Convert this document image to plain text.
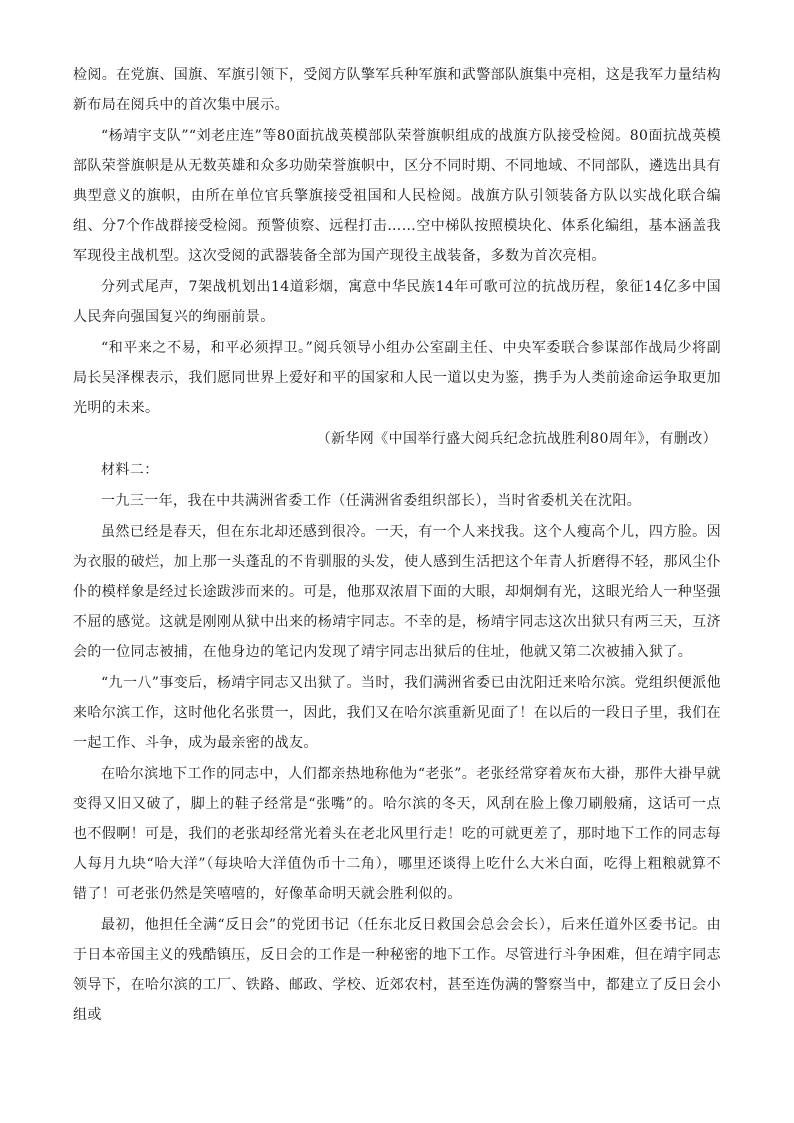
检阅。在党旗、国旗、军旗引领下，受阅方队擎军兵种军旗和武警部队旗集中亮相，这是我军力量结构新布局在阅兵中的首次集中展示。

“杨靖宇支队”“刘老庄连”等80面抗战英模部队荣誉旗帜组成的战旗方队接受检阅。80面抗战英模部队荣誉旗帜是从无数英雄和众多功勋荣誉旗帜中，区分不同时期、不同地域、不同部队，遴选出具有典型意义的旗帜，由所在单位官兵擎旗接受祖国和人民检阅。战旗方队引领装备方队以实战化联合编组、分7个作战群接受检阅。预警侦察、远程打击……空中梯队按照模块化、体系化编组，基本涵盖我军现役主战机型。这次受阅的武器装备全部为国产现役主战装备，多数为首次亮相。

分列式尾声，7架战机划出14道彩烟，寓意中华民族14年可歌可泣的抗战历程，象征14亿多中国人民奔向强国复兴的绚丽前景。

“和平来之不易，和平必须捍卫。”阅兵领导小组办公室副主任、中央军委联合参谋部作战局少将副局长吴泽棵表示，我们愿同世界上爱好和平的国家和人民一道以史为鉴，携手为人类前途命运争取更加光明的未来。

（新华网《中国举行盛大阅兵纪念抗战胜利80周年》，有删改）

材料二：

一九三一年，我在中共满洲省委工作（任满洲省委组织部长），当时省委机关在沈阳。

虽然已经是春天，但在东北却还感到很冷。一天，有一个人来找我。这个人瘦高个儿，四方脸。因为衣服的破烂，加上那一头蓬乱的不肯驯服的头发，使人感到生活把这个年青人折磨得不轻，那风尘仆仆的模样象是经过长途跋涉而来的。可是，他那双浓眉下面的大眼，却炯炯有光，这眼光给人一种坚强不屈的感觉。这就是刚刚从狱中出来的杨靖宇同志。不幸的是，杨靖宇同志这次出狱只有两三天，互济会的一位同志被捕，在他身边的笔记内发现了靖宇同志出狱后的住址，他就又第二次被捕入狱了。

“九一八”事变后，杨靖宇同志又出狱了。当时，我们满洲省委已由沈阳迁来哈尔滨。党组织便派他来哈尔滨工作，这时他化名张贯一，因此，我们又在哈尔滨重新见面了！在以后的一段日子里，我们在一起工作、斗争，成为最亲密的战友。

在哈尔滨地下工作的同志中，人们都亲热地称他为“老张”。老张经常穿着灰布大褂，那件大褂早就变得又旧又破了，脚上的鞋子经常是“张嘴”的。哈尔滨的冬天，风刮在脸上像刀刷般痛，这话可一点也不假啊！可是，我们的老张却经常光着头在老北风里行走！吃的可就更差了，那时地下工作的同志每人每月九块“哈大洋”（每块哈大洋值伪币十二角），哪里还谈得上吃什么大米白面，吃得上粗粮就算不错了！可老张仍然是笑嘻嘻的，好像革命明天就会胜利似的。

最初，他担任全满“反日会”的党团书记（任东北反日救国会总会会长），后来任道外区委书记。由于日本帝国主义的残酷镇压，反日会的工作是一种秘密的地下工作。尽管进行斗争困难，但在靖宇同志领导下，在哈尔滨的工厂、铁路、邮政、学校、近郊农村，甚至连伪满的警察当中，都建立了反日会小组或
